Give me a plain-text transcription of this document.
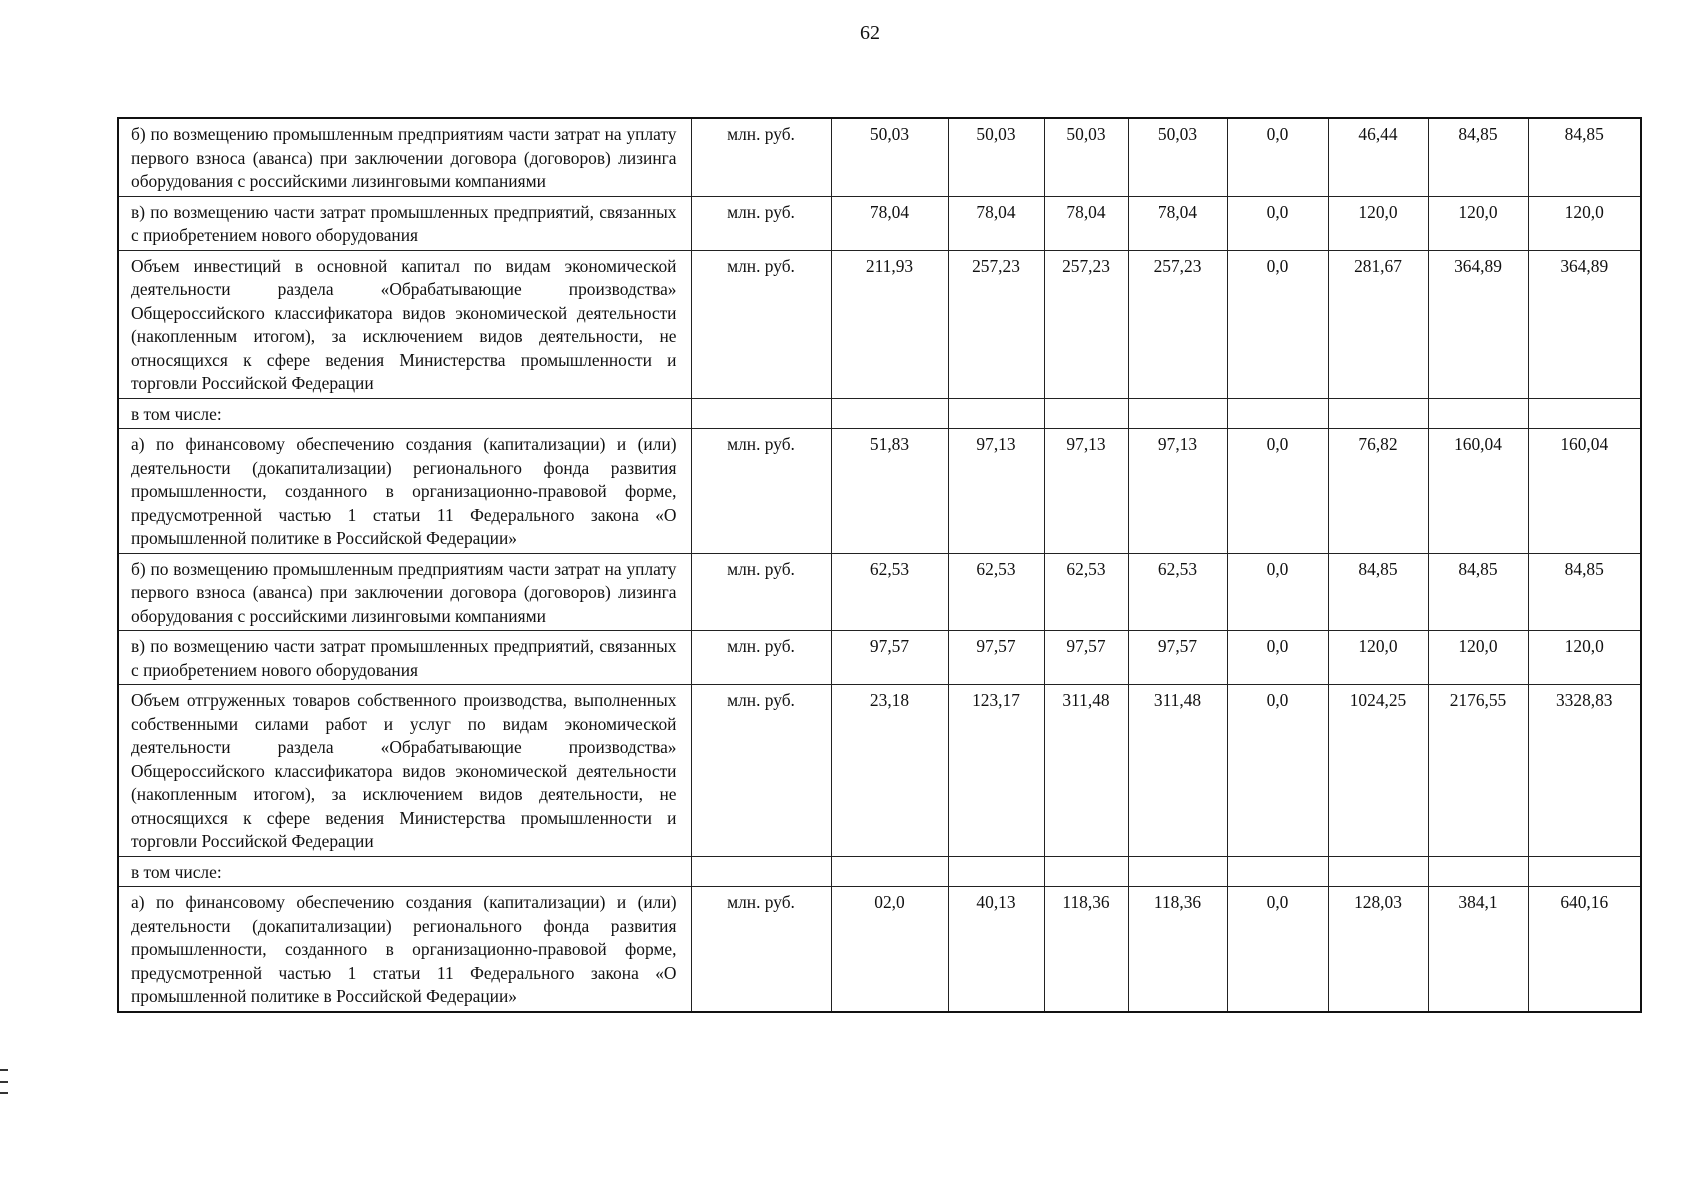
62
б) по возмещению промышленным предприятиям части затрат на уплату первого взноса (аванса) при заключении договора (договоров) лизинга оборудования с российскими лизинговыми компаниями	млн. руб.	50,03	50,03	50,03	50,03	0,0	46,44	84,85	84,85
в) по возмещению части затрат промышленных предприятий, связанных с приобретением нового оборудования	млн. руб.	78,04	78,04	78,04	78,04	0,0	120,0	120,0	120,0
Объем инвестиций в основной капитал по видам экономической деятельности раздела «Обрабатывающие производства» Общероссийского классификатора видов экономической деятельности (накопленным итогом), за исключением видов деятельности, не относящихся к сфере ведения Министерства промышленности и торговли Российской Федерации	млн. руб.	211,93	257,23	257,23	257,23	0,0	281,67	364,89	364,89
в том числе:									
а) по финансовому обеспечению создания (капитализации) и (или) деятельности (докапитализации) регионального фонда развития промышленности, созданного в организационно-правовой форме, предусмотренной частью 1 статьи 11 Федерального закона «О промышленной политике в Российской Федерации»	млн. руб.	51,83	97,13	97,13	97,13	0,0	76,82	160,04	160,04
б) по возмещению промышленным предприятиям части затрат на уплату первого взноса (аванса) при заключении договора (договоров) лизинга оборудования с российскими лизинговыми компаниями	млн. руб.	62,53	62,53	62,53	62,53	0,0	84,85	84,85	84,85
в) по возмещению части затрат промышленных предприятий, связанных с приобретением нового оборудования	млн. руб.	97,57	97,57	97,57	97,57	0,0	120,0	120,0	120,0
Объем отгруженных товаров собственного производства, выполненных собственными силами работ и услуг по видам экономической деятельности раздела «Обрабатывающие производства» Общероссийского классификатора видов экономической деятельности (накопленным итогом), за исключением видов деятельности, не относящихся к сфере ведения Министерства промышленности и торговли Российской Федерации	млн. руб.	23,18	123,17	311,48	311,48	0,0	1024,25	2176,55	3328,83
в том числе:									
а) по финансовому обеспечению создания (капитализации) и (или) деятельности (докапитализации) регионального фонда развития промышленности, созданного в организационно-правовой форме, предусмотренной частью 1 статьи 11 Федерального закона «О промышленной политике в Российской Федерации»	млн. руб.	02,0	40,13	118,36	118,36	0,0	128,03	384,1	640,16
